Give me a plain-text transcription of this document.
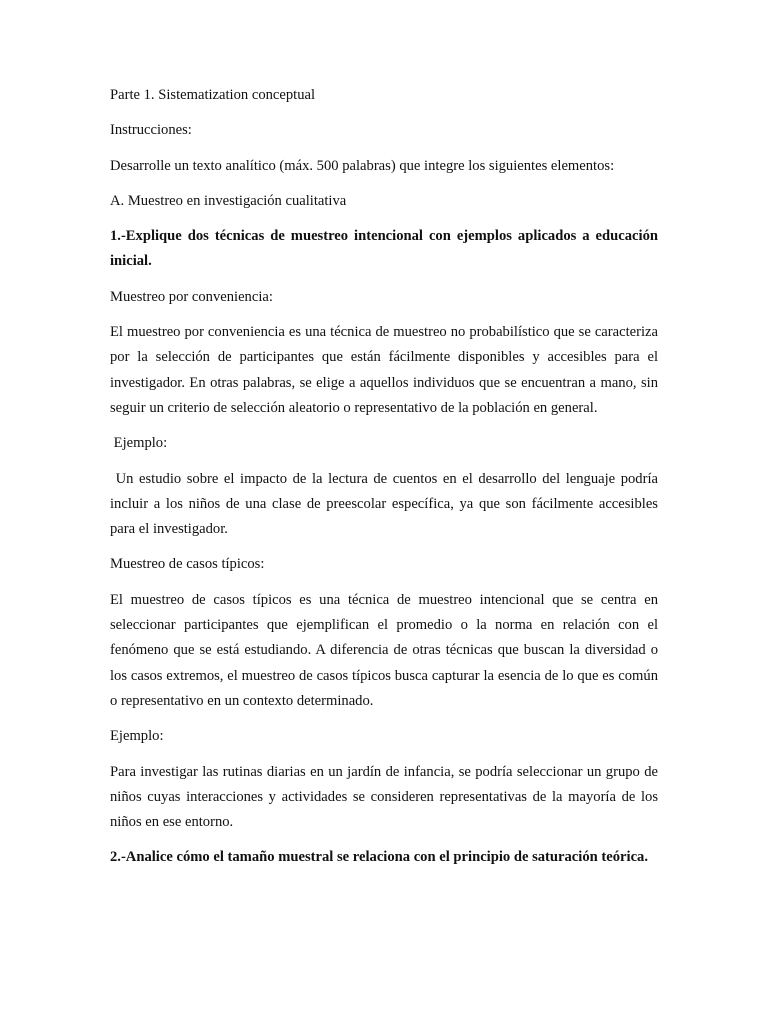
Parte 1. Sistematization conceptual

Instrucciones:

Desarrolle un texto analítico (máx. 500 palabras) que integre los siguientes elementos:

A. Muestreo en investigación cualitativa

1.-Explique dos técnicas de muestreo intencional con ejemplos aplicados a educación inicial.

Muestreo por conveniencia:

El muestreo por conveniencia es una técnica de muestreo no probabilístico que se caracteriza por la selección de participantes que están fácilmente disponibles y accesibles para el investigador. En otras palabras, se elige a aquellos individuos que se encuentran a mano, sin seguir un criterio de selección aleatorio o representativo de la población en general.

Ejemplo:

Un estudio sobre el impacto de la lectura de cuentos en el desarrollo del lenguaje podría incluir a los niños de una clase de preescolar específica, ya que son fácilmente accesibles para el investigador.

Muestreo de casos típicos:

El muestreo de casos típicos es una técnica de muestreo intencional que se centra en seleccionar participantes que ejemplifican el promedio o la norma en relación con el fenómeno que se está estudiando. A diferencia de otras técnicas que buscan la diversidad o los casos extremos, el muestreo de casos típicos busca capturar la esencia de lo que es común o representativo en un contexto determinado.

Ejemplo:

Para investigar las rutinas diarias en un jardín de infancia, se podría seleccionar un grupo de niños cuyas interacciones y actividades se consideren representativas de la mayoría de los niños en ese entorno.

2.-Analice cómo el tamaño muestral se relaciona con el principio de saturación teórica.
